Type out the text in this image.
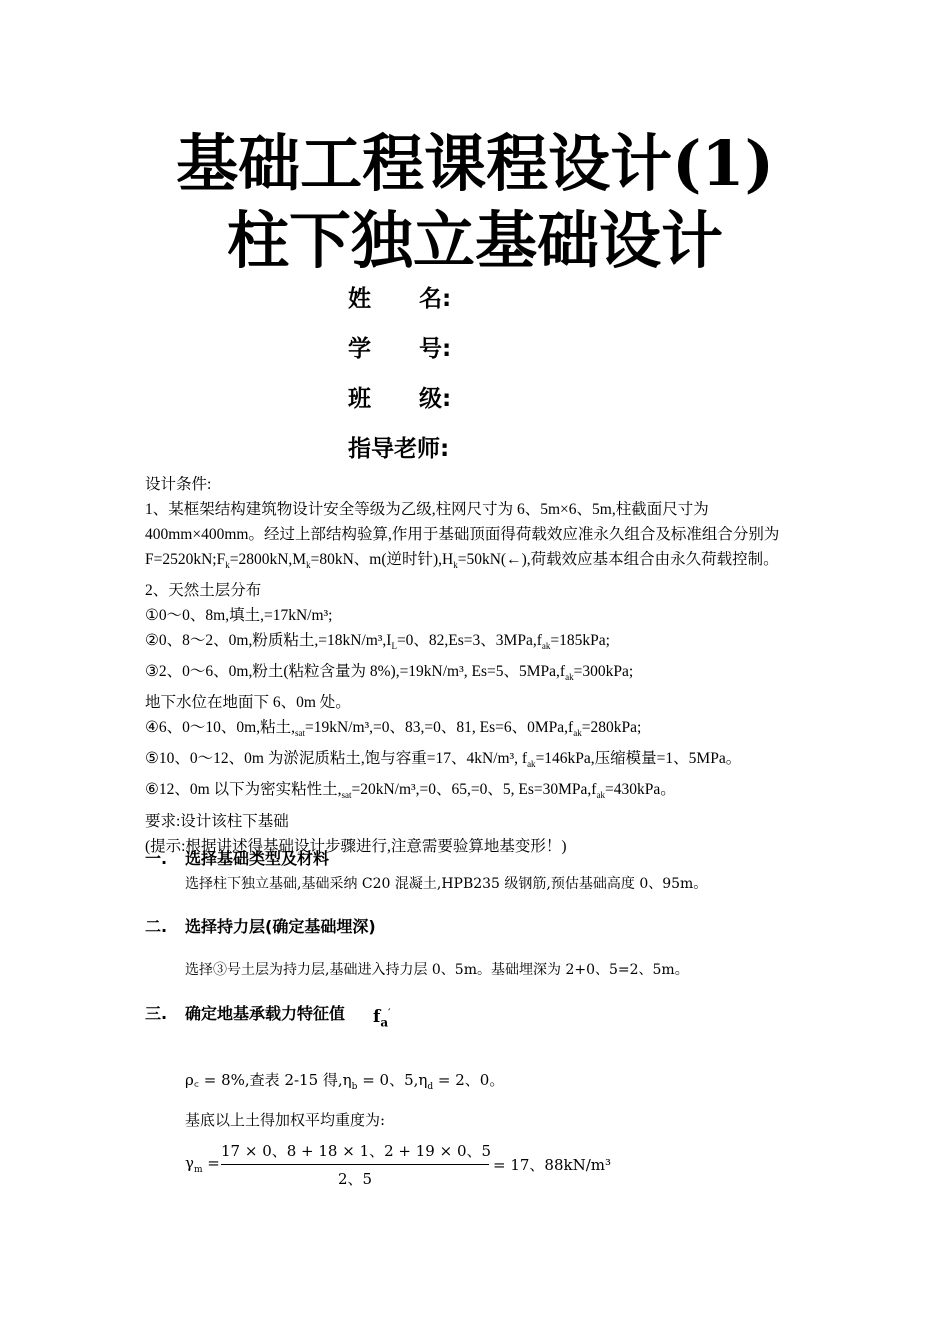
基础工程课程设计(1)
柱下独立基础设计
姓      名:
学      号:
班      级:
指导老师:

设计条件:

1、某框架结构建筑物设计安全等级为乙级,柱网尺寸为 6、5m×6、5m,柱截面尺寸为 400mm×400mm。经过上部结构验算,作用于基础顶面得荷载效应准永久组合及标准组合分别为 $F=2520kN;F_k=2800kN,M_k=80kN$、m(逆时针)$,H_k=50kN(\leftarrow)$,荷载效应基本组合由永久荷载控制。

2、天然土层分布

①0～0、8m,填土,=17kN/m³;

②0、8～2、0m,粉质粘土$,=18kN/m^3,I_L=0$、82,Es=3、$3MPa,f_{ak}=185kPa$;

③2、0～6、0m,粉土(粘粒含量为 8%),=19kN/m³, Es=5、$5MPa,f_{ak}=300kPa$;

地下水位在地面下 6、0m 处。

④6、0～10、0m,粘土$,_{sat}=19kN/m^3,=0$、83,=0、81, Es=6、$0MPa,f_{ak}=280kPa$;

⑤10、0～12、0m 为淤泥质粘土,饱与容重=17、4kN/m³, $f_{ak}=146kPa$,压缩模量=1、5MPa。

⑥12、0m 以下为密实粘性土$,_{sat}=20kN/m^3,=0$、65,=0、5, $Es=30MPa,f_{ak}=430kPa$。

要求:设计该柱下基础

(提示:根据讲述得基础设计步骤进行,注意需要验算地基变形！)

一. 选择基础类型及材料
选择柱下独立基础,基础采纳 C20 混凝土,HPB235 级钢筋,预估基础高度 0、95m。
二. 选择持力层(确定基础埋深)
选择③号土层为持力层,基础进入持力层 0、5m。基础埋深为 2+0、5=2、5m。
三. 确定地基承载力特征值 $f_a'$
ρ꜀ = 8%,查表 2-15 得$,\eta_b = 0$、$5,\eta_d = 2$、0。
基底以上土得加权平均重度为:
$\gamma_m$ =
17 × 0、8 + 18 × 1、2 + 19 × 0、5
2、5
= 17、88kN/m³
